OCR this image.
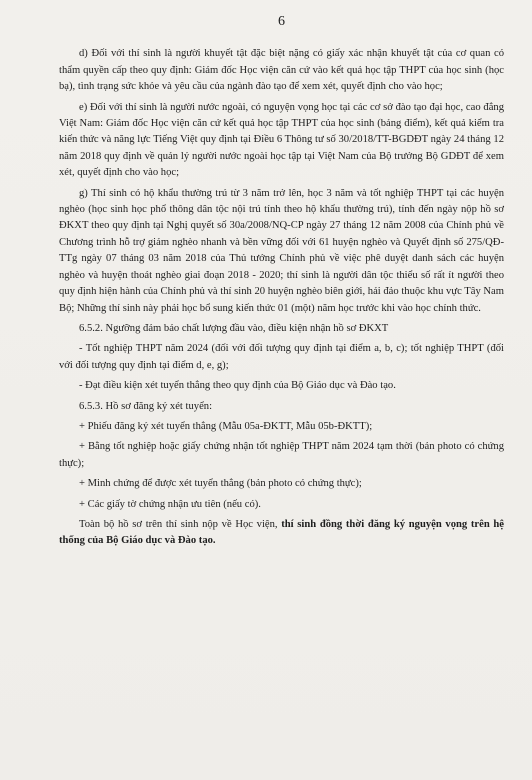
6

d) Đối với thí sinh là người khuyết tật đặc biệt nặng có giấy xác nhận khuyết tật của cơ quan có thẩm quyền cấp theo quy định: Giám đốc Học viện căn cứ vào kết quả học tập THPT của học sinh (học bạ), tình trạng sức khỏe và yêu cầu của ngành đào tạo để xem xét, quyết định cho vào học;

e) Đối với thí sinh là người nước ngoài, có nguyện vọng học tại các cơ sở đào tạo đại học, cao đẳng Việt Nam: Giám đốc Học viện căn cứ kết quả học tập THPT của học sinh (bảng điểm), kết quả kiểm tra kiến thức và năng lực Tiếng Việt quy định tại Điều 6 Thông tư số 30/2018/TT-BGDĐT ngày 24 tháng 12 năm 2018 quy định về quản lý người nước ngoài học tập tại Việt Nam của Bộ trưởng Bộ GDĐT để xem xét, quyết định cho vào học;

g) Thí sinh có hộ khẩu thường trú từ 3 năm trở lên, học 3 năm và tốt nghiệp THPT tại các huyện nghèo (học sinh học phổ thông dân tộc nội trú tính theo hộ khẩu thường trú), tính đến ngày nộp hồ sơ ĐKXT theo quy định tại Nghị quyết số 30a/2008/NQ-CP ngày 27 tháng 12 năm 2008 của Chính phủ về Chương trình hỗ trợ giảm nghèo nhanh và bền vững đối với 61 huyện nghèo và Quyết định số 275/QĐ-TTg ngày 07 tháng 03 năm 2018 của Thủ tướng Chính phủ về việc phê duyệt danh sách các huyện nghèo và huyện thoát nghèo giai đoạn 2018 - 2020; thí sinh là người dân tộc thiểu số rất ít người theo quy định hiện hành của Chính phủ và thí sinh 20 huyện nghèo biên giới, hải đảo thuộc khu vực Tây Nam Bộ; Những thí sinh này phải học bổ sung kiến thức 01 (một) năm học trước khi vào học chính thức.

6.5.2. Ngưỡng đảm bảo chất lượng đầu vào, điều kiện nhận hồ sơ ĐKXT

- Tốt nghiệp THPT năm 2024 (đối với đối tượng quy định tại điểm a, b, c); tốt nghiệp THPT (đối với đối tượng quy định tại điểm d, e, g);

- Đạt điều kiện xét tuyển thẳng theo quy định của Bộ Giáo dục và Đào tạo.

6.5.3. Hồ sơ đăng ký xét tuyển:

+ Phiếu đăng ký xét tuyển thẳng (Mẫu 05a-ĐKTT, Mẫu 05b-ĐKTT);

+ Bằng tốt nghiệp hoặc giấy chứng nhận tốt nghiệp THPT năm 2024 tạm thời (bản photo có chứng thực);

+ Minh chứng để được xét tuyển thẳng (bản photo có chứng thực);

+ Các giấy tờ chứng nhận ưu tiên (nếu có).

Toàn bộ hồ sơ trên thí sinh nộp về Học viện, thí sinh đồng thời đăng ký nguyện vọng trên hệ thống của Bộ Giáo dục và Đào tạo.
